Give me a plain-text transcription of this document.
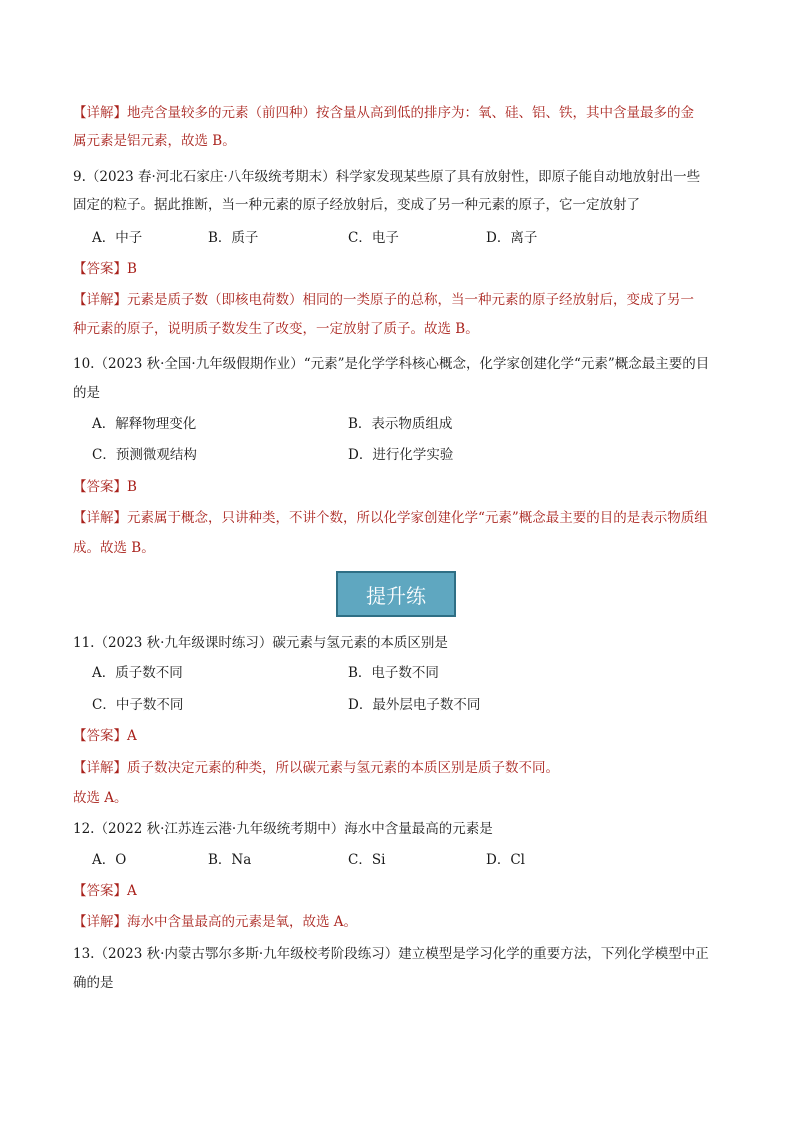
【详解】地壳含量较多的元素（前四种）按含量从高到低的排序为：氧、硅、铝、铁，其中含量最多的金
属元素是铝元素，故选 B。
9.（2023 春·河北石家庄·八年级统考期末）科学家发现某些原了具有放射性，即原子能自动地放射出一些
固定的粒子。据此推断，当一种元素的原子经放射后，变成了另一种元素的原子，它一定放射了
A．中子	B．质子	C．电子	D．离子
【答案】B
【详解】元素是质子数（即核电荷数）相同的一类原子的总称，当一种元素的原子经放射后，变成了另一
种元素的原子，说明质子数发生了改变，一定放射了质子。故选 B。
10.（2023 秋·全国·九年级假期作业）“元素”是化学学科核心概念，化学家创建化学“元素”概念最主要的目
的是
A．解释物理变化	B．表示物质组成
C．预测微观结构	D．进行化学实验
【答案】B
【详解】元素属于概念，只讲种类，不讲个数，所以化学家创建化学“元素”概念最主要的目的是表示物质组
成。故选 B。
提升练
11.（2023 秋·九年级课时练习）碳元素与氢元素的本质区别是
A．质子数不同	B．电子数不同
C．中子数不同	D．最外层电子数不同
【答案】A
【详解】质子数决定元素的种类，所以碳元素与氢元素的本质区别是质子数不同。
故选 A。
12.（2022 秋·江苏连云港·九年级统考期中）海水中含量最高的元素是
A．O	B．Na	C．Si	D．Cl
【答案】A
【详解】海水中含量最高的元素是氧，故选 A。
13.（2023 秋·内蒙古鄂尔多斯·九年级校考阶段练习）建立模型是学习化学的重要方法，下列化学模型中正
确的是
